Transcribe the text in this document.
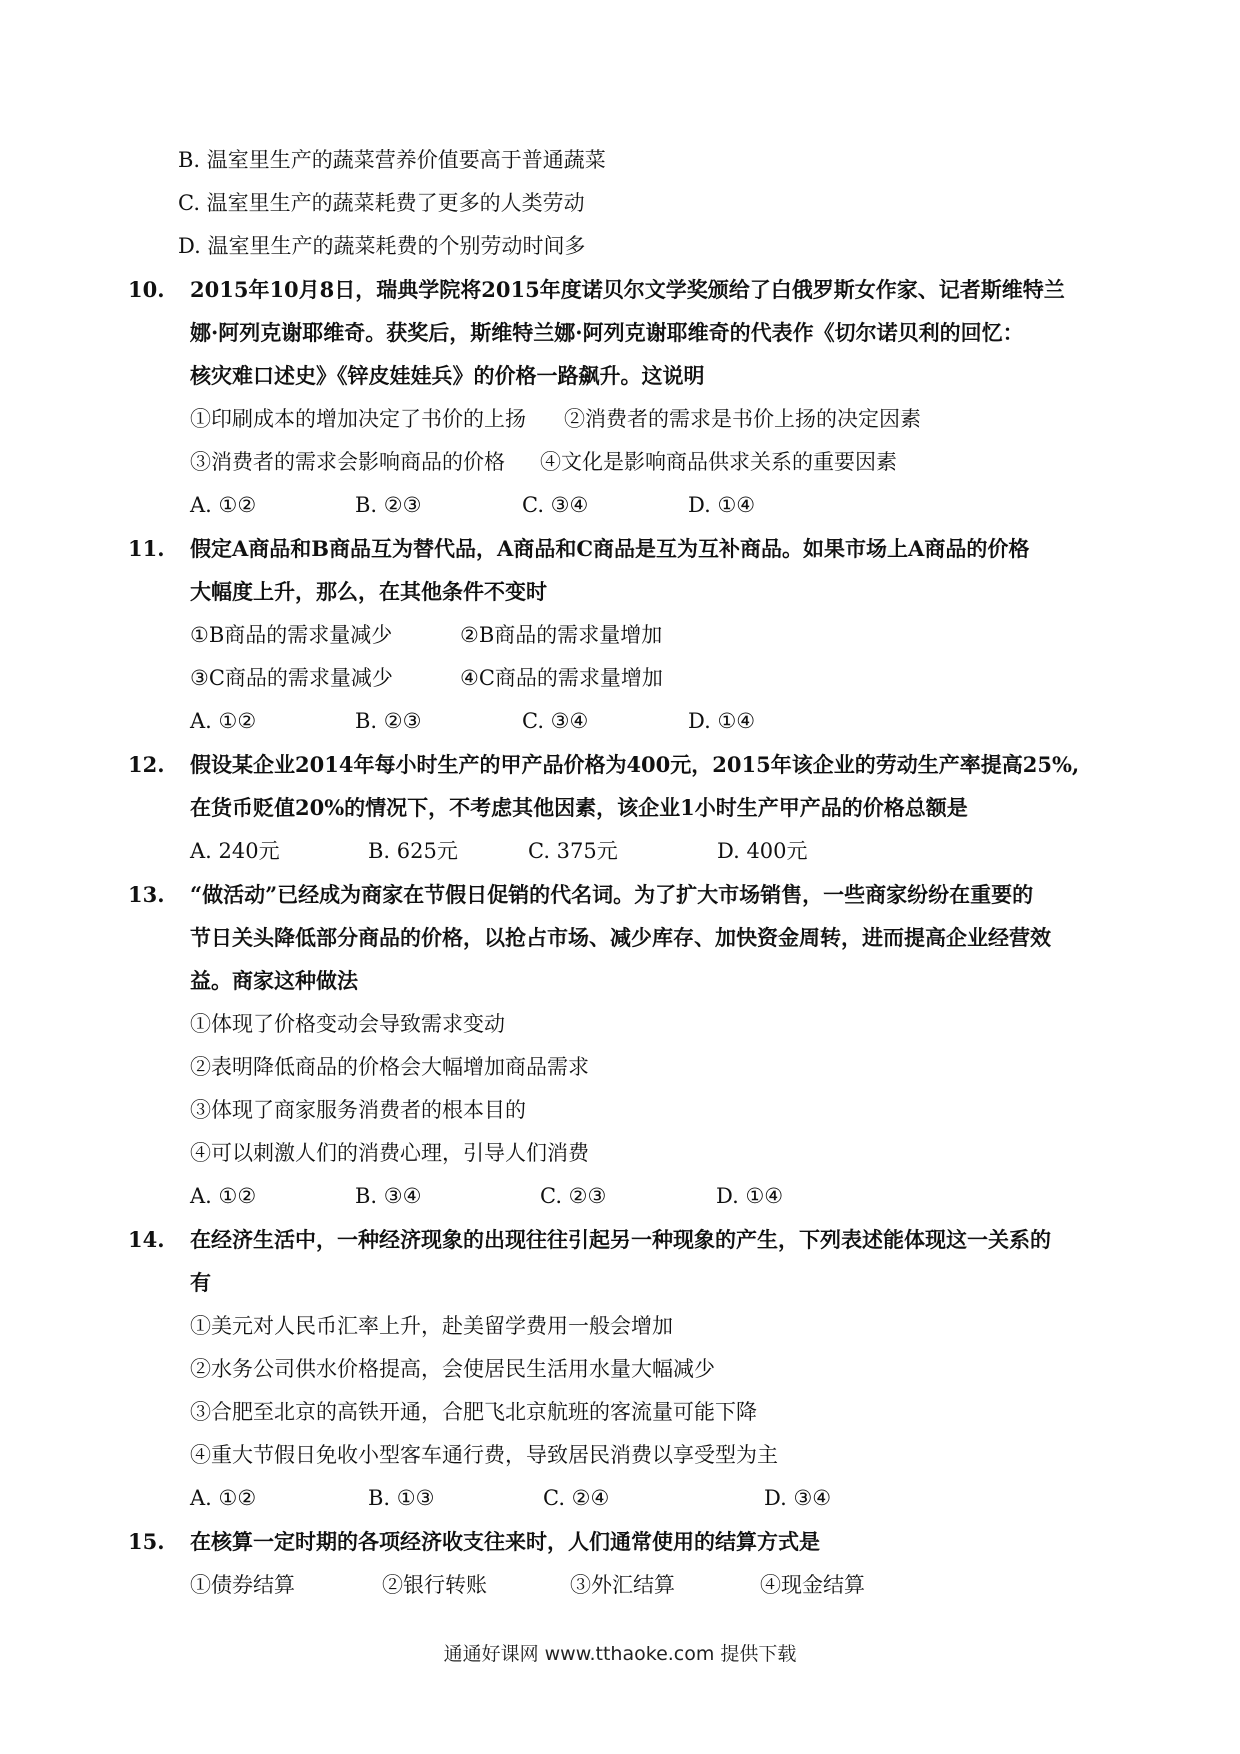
B. 温室里生产的蔬菜营养价值要高于普通蔬菜
C. 温室里生产的蔬菜耗费了更多的人类劳动
D. 温室里生产的蔬菜耗费的个别劳动时间多
10. 2015年10月8日，瑞典学院将2015年度诺贝尔文学奖颁给了白俄罗斯女作家、记者斯维特兰
娜·阿列克谢耶维奇。获奖后，斯维特兰娜·阿列克谢耶维奇的代表作《切尔诺贝利的回忆：
核灾难口述史》《锌皮娃娃兵》的价格一路飙升。这说明
①印刷成本的增加决定了书价的上扬 ②消费者的需求是书价上扬的决定因素
③消费者的需求会影响商品的价格 ④文化是影响商品供求关系的重要因素
A. ①②	B. ②③	C. ③④	D. ①④
11. 假定A商品和B商品互为替代品，A商品和C商品是互为互补商品。如果市场上A商品的价格
大幅度上升，那么，在其他条件不变时
①B商品的需求量减少	②B商品的需求量增加
③C商品的需求量减少	④C商品的需求量增加
A. ①②	B. ②③	C. ③④	D. ①④
12. 假设某企业2014年每小时生产的甲产品价格为400元，2015年该企业的劳动生产率提高25%,
在货币贬值20%的情况下，不考虑其他因素，该企业1小时生产甲产品的价格总额是
A. 240元	B. 625元	C. 375元	D. 400元
13. “做活动”已经成为商家在节假日促销的代名词。为了扩大市场销售，一些商家纷纷在重要的
节日关头降低部分商品的价格，以抢占市场、减少库存、加快资金周转，进而提高企业经营效
益。商家这种做法
①体现了价格变动会导致需求变动
②表明降低商品的价格会大幅增加商品需求
③体现了商家服务消费者的根本目的
④可以刺激人们的消费心理，引导人们消费
A. ①②	B. ③④	C. ②③	D. ①④
14. 在经济生活中，一种经济现象的出现往往引起另一种现象的产生，下列表述能体现这一关系的
有
①美元对人民币汇率上升，赴美留学费用一般会增加
②水务公司供水价格提高，会使居民生活用水量大幅减少
③合肥至北京的高铁开通，合肥飞北京航班的客流量可能下降
④重大节假日免收小型客车通行费，导致居民消费以享受型为主
A. ①②	B. ①③	C. ②④	D. ③④
15. 在核算一定时期的各项经济收支往来时，人们通常使用的结算方式是
①债券结算	②银行转账	③外汇结算	④现金结算
通通好课网 www.tthaoke.com 提供下载
